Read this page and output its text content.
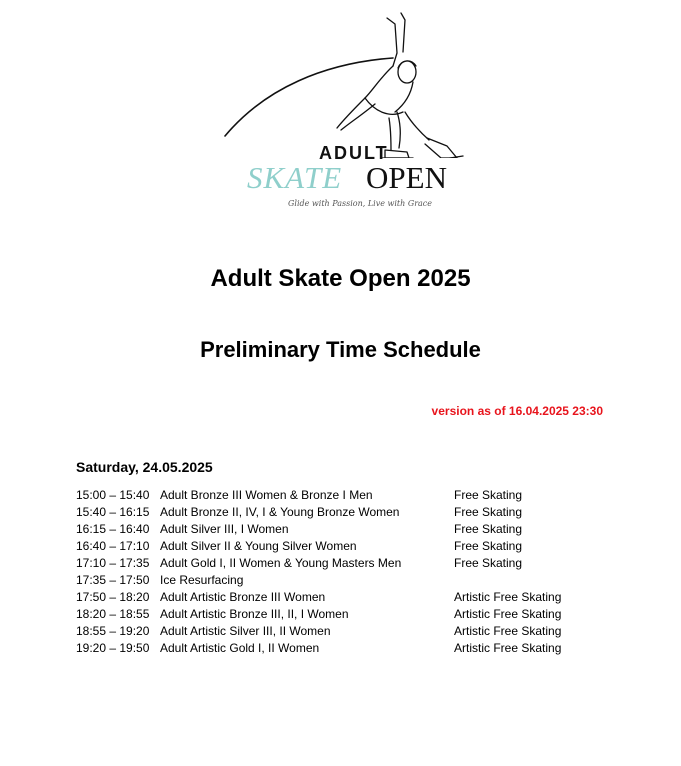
ADULT
SKATE OPEN
Glide with Passion, Live with Grace
Adult Skate Open 2025
Preliminary Time Schedule
version as of 16.04.2025 23:30
Saturday, 24.05.2025
15:00 – 15:40 Adult Bronze III Women & Bronze I Men	Free Skating
15:40 – 16:15 Adult Bronze II, IV, I & Young Bronze Women	Free Skating
16:15 – 16:40 Adult Silver III, I Women	Free Skating
16:40 – 17:10 Adult Silver II & Young Silver Women	Free Skating
17:10 – 17:35 Adult Gold I, II Women & Young Masters Men	Free Skating
17:35 – 17:50 Ice Resurfacing
17:50 – 18:20 Adult Artistic Bronze III Women	Artistic Free Skating
18:20 – 18:55 Adult Artistic Bronze III, II, I Women	Artistic Free Skating
18:55 – 19:20 Adult Artistic Silver III, II Women	Artistic Free Skating
19:20 – 19:50 Adult Artistic Gold I, II Women	Artistic Free Skating
